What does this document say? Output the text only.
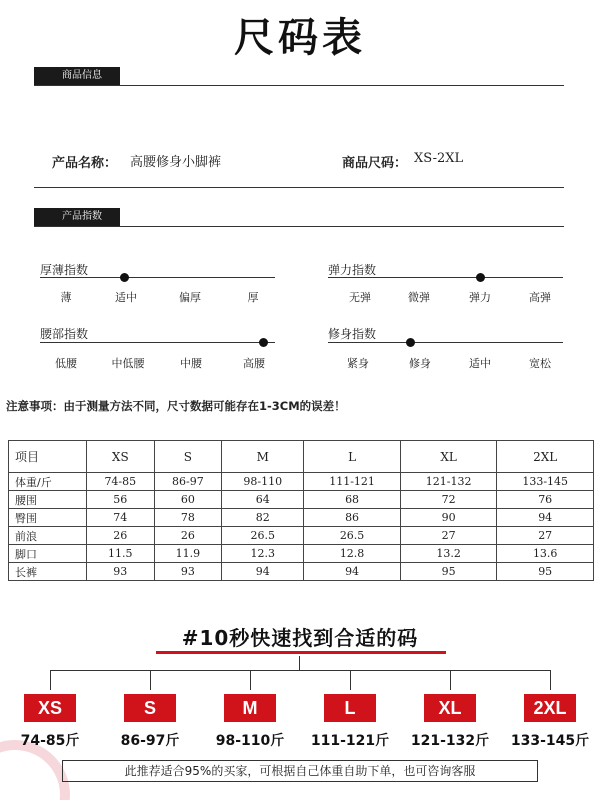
尺码表
商品信息
产品名称： 高腰修身小脚裤	商品尺码： XS-2XL
产品指数
厚薄指数
薄	适中	偏厚	厚
弹力指数
无弹	微弹	弹力	高弹
腰部指数
低腰	中低腰	中腰	高腰
修身指数
紧身	修身	适中	宽松
注意事项：由于测量方法不同，尺寸数据可能存在1-3CM的误差！
项目	XS	S	M	L	XL	2XL
体重/斤	74-85	86-97	98-110	111-121	121-132	133-145
腰围	56	60	64	68	72	76
臀围	74	78	82	86	90	94
前浪	26	26	26.5	26.5	27	27
脚口	11.5	11.9	12.3	12.8	13.2	13.6
长裤	93	93	94	94	95	95
#10秒快速找到合适的码
XS	S	M	L	XL	2XL
74-85斤	86-97斤	98-110斤	111-121斤	121-132斤	133-145斤
此推荐适合95%的买家，可根据自己体重自助下单，也可咨询客服
